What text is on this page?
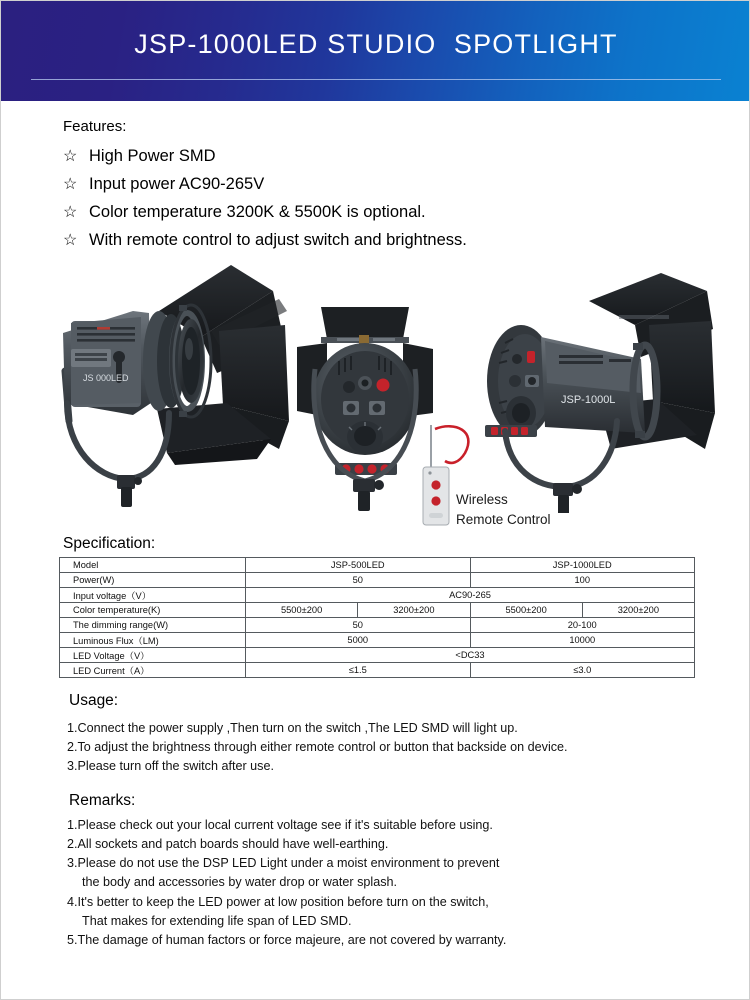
JSP-1000LED STUDIO  SPOTLIGHT
Features:
☆ High Power SMD
☆ Input power AC90-265V
☆ Color temperature 3200K & 5500K is optional.
☆ With remote control to adjust switch and brightness.
JS 000LED
JSP-1000L
Wireless
Remote Control
Specification:
Model	JSP-500LED		JSP-1000LED	
Power(W)	50		100	
Input voltage（V）	AC90-265			
Color temperature(K)	5500±200	3200±200	5500±200	3200±200
The dimming range(W)	50		20-100	
Luminous Flux（LM)	5000		10000	
LED Voltage（V）	<DC33			
LED Current（A）	≤1.5		≤3.0	
Usage:
1.Connect the power supply ,Then turn on the switch ,The LED SMD will light up.
2.To adjust the brightness through either remote control or button that backside on device.
3.Please turn off the switch after use.
Remarks:
1.Please check out your local current voltage see if it's suitable before using.
2.All sockets and patch boards should have well-earthing.
3.Please do not use the DSP LED Light under a moist environment to prevent
the body and accessories by water drop or water splash.
4.It's better to keep the LED power at low position before turn on the switch,
That makes for extending life span of LED SMD.
5.The damage of human factors or force majeure, are not covered by warranty.
